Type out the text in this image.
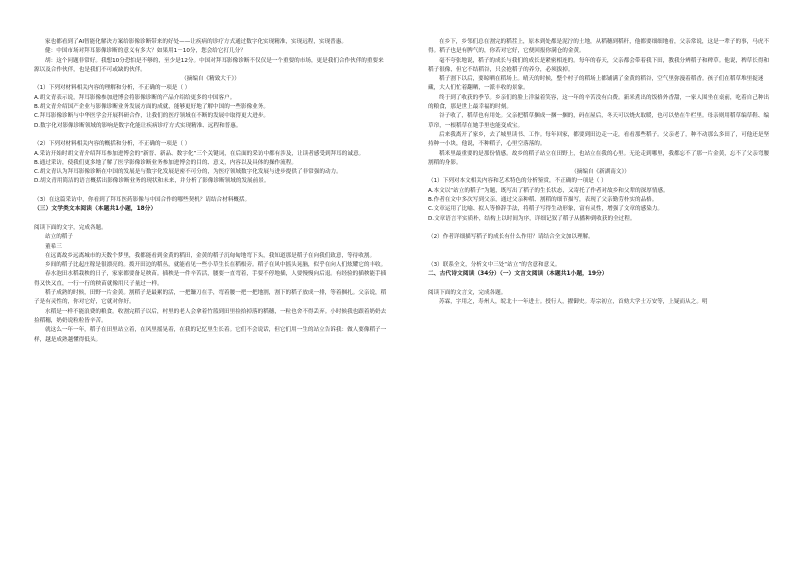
家也都看到了AI智能化解决方案给影像诊断带来的好处——让疾病的诊疗方式通过数字化实现精准，实现远程，实现普惠。

健：中国市场对拜耳影像诊断的意义有多大？如果用1－10分，您会给它打几分？

胡：这个问题非常好。我想10分恐怕是不够的，至少是12分。中国对拜耳影像诊断不仅仅是一个重要的市场，更是我们合作伙伴的重要来源以及合作伙伴，也是我们不可或缺的伙伴。

（摘编自《精致大千》）

（1）下列对材料相关内容的理解和分析，不正确的一项是（ ）

A.胡文青表示说，拜耳影像参加进博会将影像诊断的产品介绍给更多的中国客户。

B.胡文青介绍国产企业与影像诊断业务发展方面的成就，能够更好地了解中国的一些影像业务。

C.拜耳影像诊断与中华医学会开展科研合作，让我们的医疗领域在不断的发展中取得更大进步。

D.数字化对影像诊断领域的影响是数字化能让疾病诊疗方式实现精准、远程和普惠。

（2）下列对材料相关内容的概括和分析，不正确的一项是（ ）

A.采访开始时胡文青介绍拜耳参加进博会的“新晋、新品、数字化”三个关键词，在后面的采访中都有涉及，让读者感受到拜耳的诚意。

B.通过采访，使我们更多地了解了医学影像诊断业务参加进博会的目的、意义，内容以及具体的操作流程。

C.胡文青认为拜耳影像诊断在中国的发展是与数字化发展是密不可分的，为医疗领域数字化发展与进步提供了非常强的动力。

D.胡文青用简洁的语言概括出影像诊断业务的现状和未来，并分析了影像诊断领域的发展前景。

（3）在这篇采访中，你看到了拜耳医药影像与中国合作的哪些契机？请结合材料概括。

（三）文学类文本阅读（本题共1小题，18分）

阅读下面的文字，完成各题。

站立的稻子

董希三

在远离故乡远离城市的天数个梦里，我都能看到金黄的稻田，金黄的稻子沉甸甸地弯下头，我知道那是稻子在向我们致意，等待收割。

乡间的稻子比起庄稼是很漂亮的。拨开田边的稻丛，就能看见一些小草生长在稻根旁。稻子在风中摇头晃脑，似乎在向人们炫耀它的丰收。

春水泡田水稻栽秧的日子，家家都要备足秧苗。插秧是一件辛苦活，腰要一直弯着，手要不停地插，人要慢慢向后退。有经验的插秧能手插得又快又直，一行一行的秧苗就像用尺子量过一样。

稻子成熟的时候，田野一片金黄。割稻子是最累的活，一把镰刀在手，弯着腰一把一把地割，割下的稻子放成一排，等着捆扎。父亲说，稻子是有灵性的，你对它好，它就对你好。

水稻是一样不能浪费的粮食。收割完稻子以后，村里的老人会拿着竹篮到田里捡拾掉落的稻穗，一粒也舍不得丢弃。小时候我也跟着奶奶去捡稻穗，奶奶说粒粒皆辛苦。

就这么一年一年，稻子在田里站立着，在风里摇晃着，在我的记忆里生长着。它们不会说话，但它们用一生的站立告诉我：做人要像稻子一样，越是成熟越懂得低头。

在乡下，乡邻们总在割完的稻茬上，原本到处都是泥泞的土地，从稻穗到稻秆，他都要细细地看，父亲常说，这是一辈子的事，马虎不得。稻子也是有脾气的，你若对它好，它便回报你满仓的金黄。

毫不夸张地说，稻子的成长与我们的成长是紧密相连的。每年的春天，父亲都会带着我下田，教我分辨稻子和稗草。他说，稗草长得和稻子很像，但它不结稻谷，只会抢稻子的养分，必须拔掉。

稻子割下以后，要晾晒在稻场上。晴天的时候，整个村子的稻场上都铺满了金黄的稻谷，空气里弥漫着稻香。孩子们在稻草堆里捉迷藏，大人们忙着翻晒，一派丰收的景象。

终于到了收获的季节。乡亲们的脸上洋溢着笑容，这一年的辛苦没有白费。新米煮出的饭格外香甜，一家人围坐在桌前，吃着自己种出的粮食，那是世上最幸福的时刻。

谷子收了，稻草也有用处。父亲把稻草捆成一捆一捆的，码在屋后，冬天可以烧火取暖，也可以垫在牛栏里。母亲则用稻草编草鞋、编草帘，一根稻草在她手里也能变成宝。

后来我离开了家乡，去了城里读书、工作。每年回家，都要到田边走一走，看看那些稻子。父亲老了，种不动那么多田了，可他还是坚持种一小块，他说，不种稻子，心里空落落的。

稻米里最重要的是那份情感。故乡的稻子站立在田野上，也站立在我的心里。无论走到哪里，我都忘不了那一片金黄，忘不了父亲弯腰割稻的身影。

（摘编自《新湖南文》）

（1）下列对本文相关内容和艺术特色的分析鉴赏，不正确的一项是（ ）

A.本文以“站立的稻子”为题，既写出了稻子的生长状态，又寄托了作者对故乡和父辈的深厚情感。

B.作者在文中多次写到父亲，通过父亲种稻、割稻的细节描写，表现了父亲勤劳朴实的品格。

C.文章运用了比喻、拟人等修辞手法，将稻子写得生动形象，富有灵性，增强了文章的感染力。

D.文章语言平实质朴，结构上以时间为序，详细记叙了稻子从播种到收获的全过程。

（2）作者详细描写稻子的成长有什么作用？请结合全文加以理解。

（3）联系全文，分析文中三处“站立”的含意和意义。

二、古代诗文阅读（34分）（一）文言文阅读（本题共1小题，19分）

阅读下面的文言文，完成各题。

苏霖，字用之，寿州人，皖北十一年进士。授行人，擢御史。寿宗初立，首劾大学士万安等，上疑而从之。明
